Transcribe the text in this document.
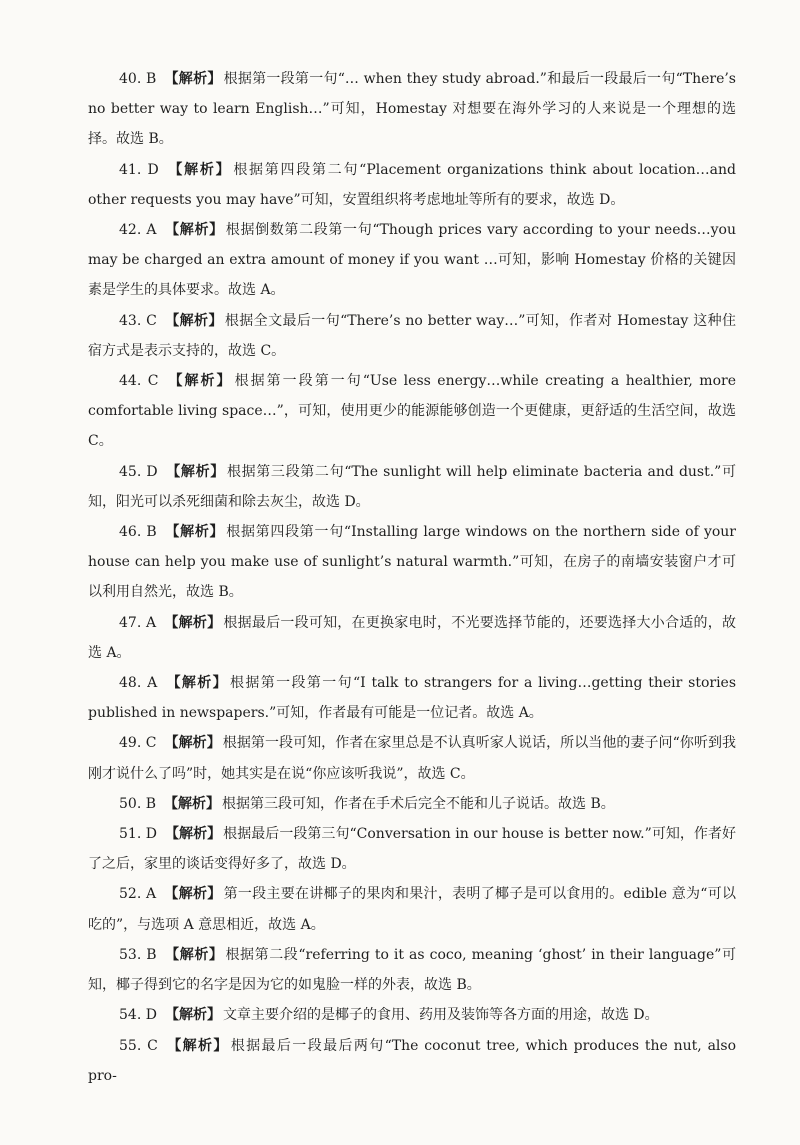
40. B 【解析】 根据第一段第一句“… when they study abroad.”和最后一段最后一句“There’s no better way to learn English…”可知，Homestay 对想要在海外学习的人来说是一个理想的选择。故选 B。

41. D 【解析】 根据第四段第二句“Placement organizations think about location…and other requests you may have”可知，安置组织将考虑地址等所有的要求，故选 D。

42. A 【解析】 根据倒数第二段第一句“Though prices vary according to your needs…you may be charged an extra amount of money if you want …可知，影响 Homestay 价格的关键因素是学生的具体要求。故选 A。

43. C 【解析】 根据全文最后一句“There’s no better way…”可知，作者对 Homestay 这种住宿方式是表示支持的，故选 C。

44. C 【解析】 根据第一段第一句“Use less energy…while creating a healthier, more comfortable living space…”，可知，使用更少的能源能够创造一个更健康，更舒适的生活空间，故选 C。

45. D 【解析】 根据第三段第二句“The sunlight will help eliminate bacteria and dust.”可知，阳光可以杀死细菌和除去灰尘，故选 D。

46. B 【解析】 根据第四段第一句“Installing large windows on the northern side of your house can help you make use of sunlight’s natural warmth.”可知，在房子的南墙安装窗户才可以利用自然光，故选 B。

47. A 【解析】 根据最后一段可知，在更换家电时，不光要选择节能的，还要选择大小合适的，故选 A。

48. A 【解析】 根据第一段第一句“I talk to strangers for a living…getting their stories published in newspapers.”可知，作者最有可能是一位记者。故选 A。

49. C 【解析】 根据第一段可知，作者在家里总是不认真听家人说话，所以当他的妻子问“你听到我刚才说什么了吗”时，她其实是在说“你应该听我说”，故选 C。

50. B 【解析】 根据第三段可知，作者在手术后完全不能和儿子说话。故选 B。

51. D 【解析】 根据最后一段第三句“Conversation in our house is better now.”可知，作者好了之后，家里的谈话变得好多了，故选 D。

52. A 【解析】 第一段主要在讲椰子的果肉和果汁，表明了椰子是可以食用的。edible 意为“可以吃的”，与选项 A 意思相近，故选 A。

53. B 【解析】 根据第二段“referring to it as coco, meaning ‘ghost’ in their language”可知，椰子得到它的名字是因为它的如鬼脸一样的外表，故选 B。

54. D 【解析】 文章主要介绍的是椰子的食用、药用及装饰等各方面的用途，故选 D。

55. C 【解析】 根据最后一段最后两句“The coconut tree, which produces the nut, also pro-
